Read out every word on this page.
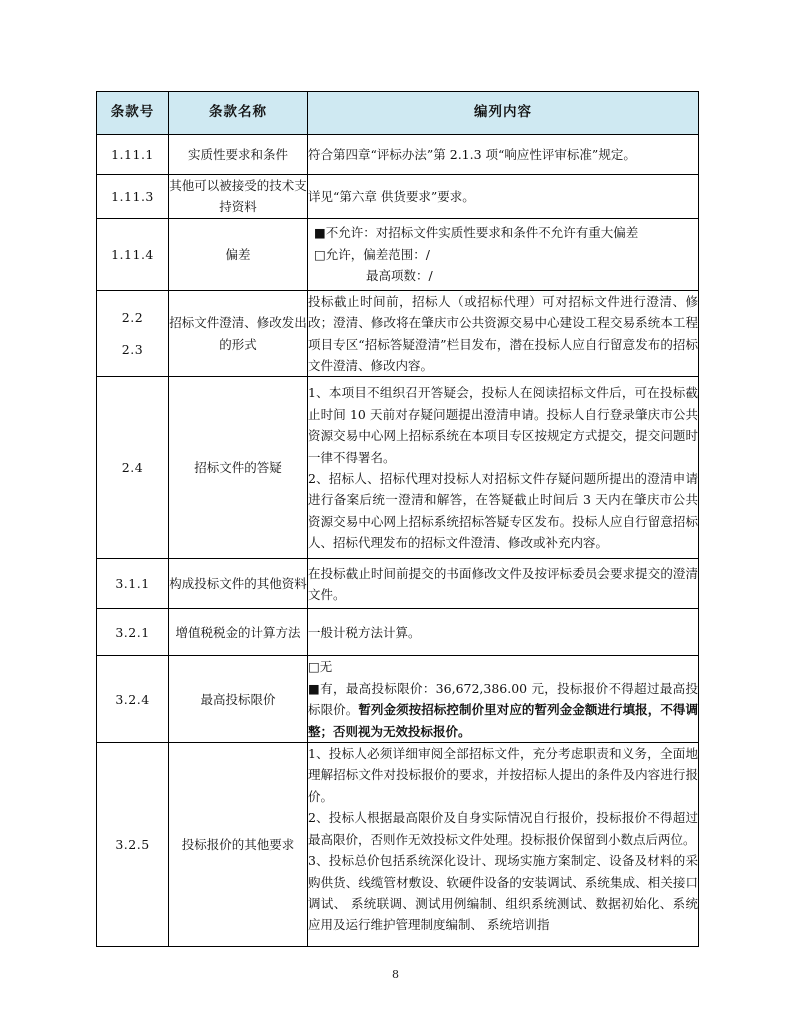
条款号	条款名称	编列内容
1.11.1	实质性要求和条件	符合第四章“评标办法”第 2.1.3 项“响应性评审标准”规定。

1.11.3	其他可以被接受的技术支持资料	详见“第六章 供货要求”要求。

1.11.4	偏差	■不允许：对招标文件实质性要求和条件不允许有重大偏差
□允许，偏差范围：/
最高项数：/

2.2
2.3	招标文件澄清、修改发出的形式	投标截止时间前，招标人（或招标代理）可对招标文件进行澄清、修改；澄清、修改将在肇庆市公共资源交易中心建设工程交易系统本工程项目专区“招标答疑澄清”栏目发布，潜在投标人应自行留意发布的招标文件澄清、修改内容。

2.4	招标文件的答疑	1、本项目不组织召开答疑会，投标人在阅读招标文件后，可在投标截止时间 10 天前对存疑问题提出澄清申请。投标人自行登录肇庆市公共资源交易中心网上招标系统在本项目专区按规定方式提交，提交问题时一律不得署名。
2、招标人、招标代理对投标人对招标文件存疑问题所提出的澄清申请进行备案后统一澄清和解答，在答疑截止时间后 3 天内在肇庆市公共资源交易中心网上招标系统招标答疑专区发布。投标人应自行留意招标人、招标代理发布的招标文件澄清、修改或补充内容。

3.1.1	构成投标文件的其他资料	在投标截止时间前提交的书面修改文件及按评标委员会要求提交的澄清文件。

3.2.1	增值税税金的计算方法	一般计税方法计算。

3.2.4	最高投标限价	□无
■有，最高投标限价：36,672,386.00 元，投标报价不得超过最高投标限价。暂列金须按招标控制价里对应的暂列金金额进行填报，不得调整；否则视为无效投标报价。
3.2.5	投标报价的其他要求	1、投标人必须详细审阅全部招标文件，充分考虑职责和义务，全面地理解招标文件对投标报价的要求，并按招标人提出的条件及内容进行报价。
2、投标人根据最高限价及自身实际情况自行报价，投标报价不得超过最高限价，否则作无效投标文件处理。投标报价保留到小数点后两位。
3、投标总价包括系统深化设计、现场实施方案制定、设备及材料的采购供货、线缆管材敷设、软硬件设备的安装调试、系统集成、相关接口调试、 系统联调、测试用例编制、组织系统测试、数据初始化、系统应用及运行维护管理制度编制、 系统培训指
8
